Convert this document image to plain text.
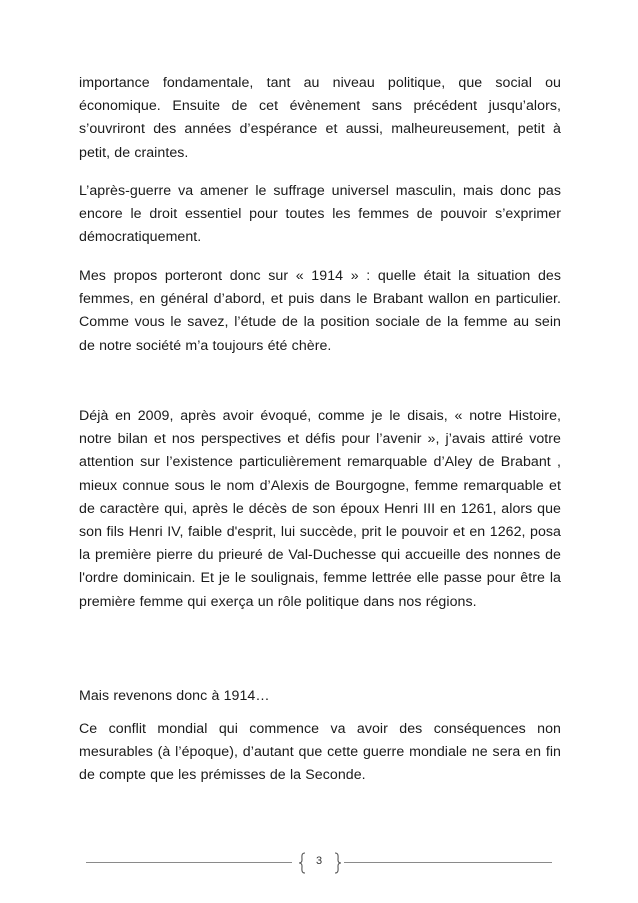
importance fondamentale, tant au niveau politique, que social ou économique. Ensuite de cet évènement sans précédent jusqu’alors, s’ouvriront des années d’espérance et aussi, malheureusement, petit à petit, de craintes.

L’après-guerre va amener le suffrage universel masculin, mais donc pas encore le droit essentiel pour toutes les femmes de pouvoir s’exprimer démocratiquement.

Mes propos porteront donc sur « 1914 » : quelle était la situation des femmes, en général d’abord, et puis dans le Brabant wallon en particulier. Comme vous le savez, l’étude de la position sociale de la femme au sein de notre société m’a toujours été chère.

Déjà en 2009, après avoir évoqué, comme je le disais, « notre Histoire, notre bilan et nos perspectives et défis pour l’avenir », j’avais attiré votre attention sur l’existence particulièrement remarquable d’Aley de Brabant , mieux connue sous le nom d’Alexis de Bourgogne, femme remarquable et de caractère qui, après le décès de son époux Henri III en 1261, alors que son fils Henri IV, faible d'esprit, lui succède, prit le pouvoir et en 1262, posa la première pierre du prieuré de Val-Duchesse qui accueille des nonnes de l'ordre dominicain. Et je le soulignais, femme lettrée elle passe pour être la première femme qui exerça un rôle politique dans nos régions.

Mais revenons donc à 1914…

Ce conflit mondial qui commence va avoir des conséquences non mesurables (à l’époque), d’autant que cette guerre mondiale ne sera en fin de compte que les prémisses de la Seconde.

3
